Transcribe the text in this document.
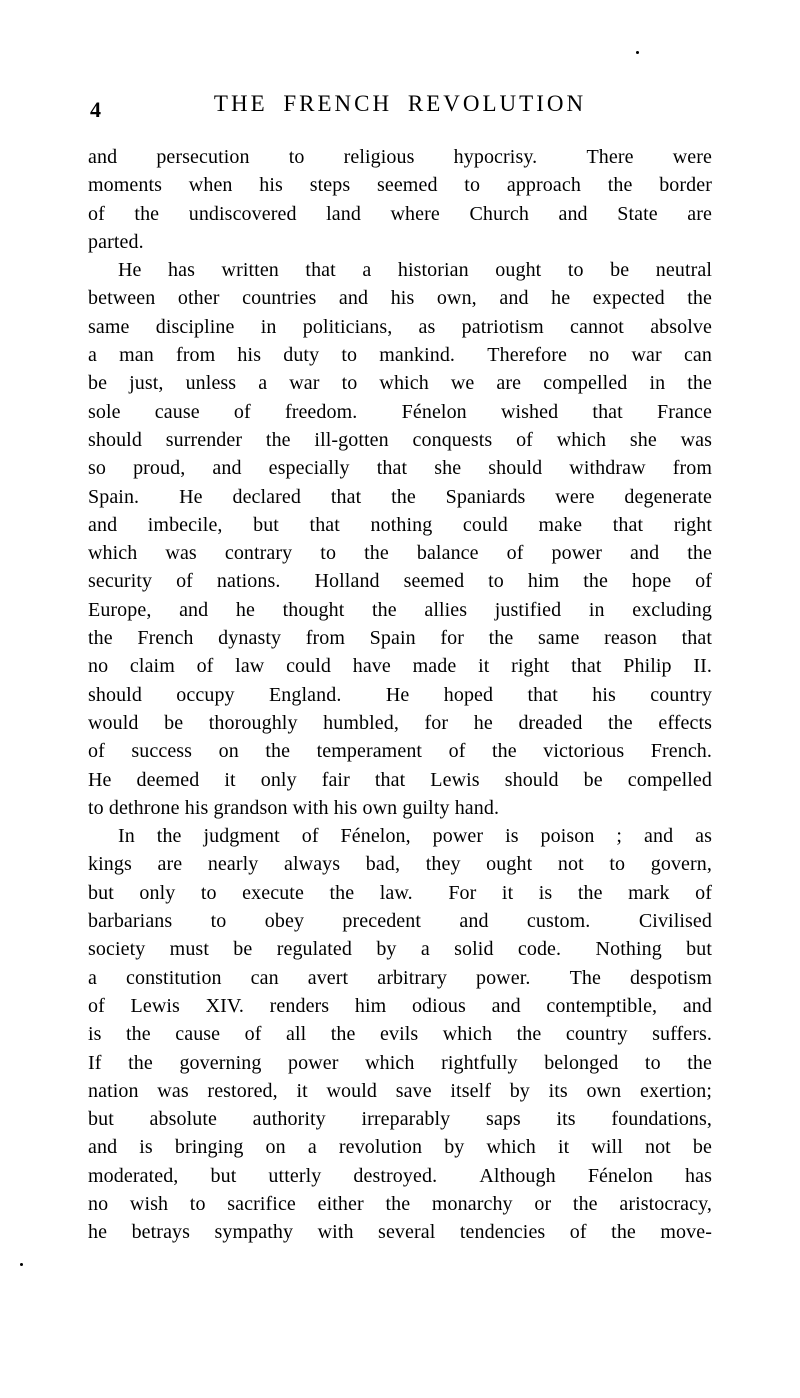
4	THE FRENCH REVOLUTION
and persecution to religious hypocrisy.  There were
moments when his steps seemed to approach the border
of the undiscovered land where Church and State are
parted.
He has written that a historian ought to be neutral
between other countries and his own, and he expected the
same discipline in politicians, as patriotism cannot absolve
a man from his duty to mankind.  Therefore no war can
be just, unless a war to which we are compelled in the
sole cause of freedom.  Fénelon wished that France
should surrender the ill-gotten conquests of which she was
so proud, and especially that she should withdraw from
Spain.  He declared that the Spaniards were degenerate
and imbecile, but that nothing could make that right
which was contrary to the balance of power and the
security of nations.  Holland seemed to him the hope of
Europe, and he thought the allies justified in excluding
the French dynasty from Spain for the same reason that
no claim of law could have made it right that Philip II.
should occupy England.  He hoped that his country
would be thoroughly humbled, for he dreaded the effects
of success on the temperament of the victorious French.
He deemed it only fair that Lewis should be compelled
to dethrone his grandson with his own guilty hand.
In the judgment of Fénelon, power is poison ; and as
kings are nearly always bad, they ought not to govern,
but only to execute the law.  For it is the mark of
barbarians to obey precedent and custom.  Civilised
society must be regulated by a solid code.  Nothing but
a constitution can avert arbitrary power.  The despotism
of Lewis XIV. renders him odious and contemptible, and
is the cause of all the evils which the country suffers.
If the governing power which rightfully belonged to the
nation was restored, it would save itself by its own exertion;
but absolute authority irreparably saps its foundations,
and is bringing on a revolution by which it will not be
moderated, but utterly destroyed.  Although Fénelon has
no wish to sacrifice either the monarchy or the aristocracy,
he betrays sympathy with several tendencies of the move-
